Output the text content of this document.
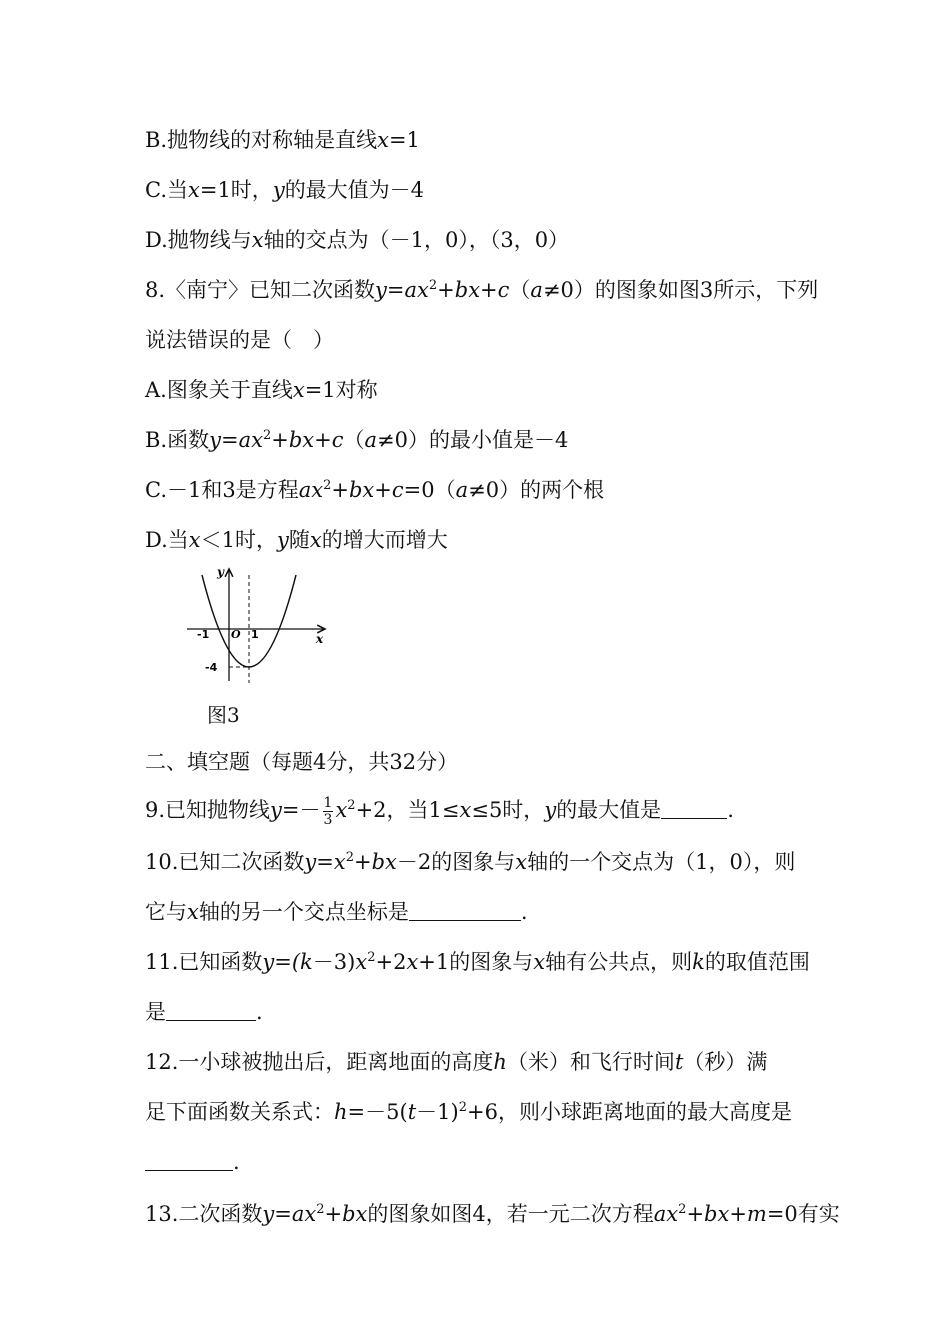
B.抛物线的对称轴是直线x=1
C.当x=1时，y的最大值为－4
D.抛物线与x轴的交点为（－1，0），（3，0）
8.〈南宁〉已知二次函数$y=ax^2+bx+c(a\ne 0)$的图象如图3所示，下列
说法错误的是（　）
A.图象关于直线x=1对称
B.函数$y=ax^2+bx+c(a\ne 0)$的最小值是－4
C.－1和3是方程$ax^2+bx+c=0(a\ne 0)$的两个根
D.当x＜1时，y随x的增大而增大
y
x
O
-1	1
-4
图3
二、填空题（每题4分，共32分）
9.已知抛物线$y=- \frac{1}{3} x^2+2$，当1≤x≤5时，y的最大值是	.
10.已知二次函数$y=x^2+bx-2$的图象与x轴的一个交点为（1，0），则
它与x轴的另一个交点坐标是	.
11.已知函数$y=(k-3)x^2+2x+1$的图象与x轴有公共点，则k的取值范围
是	.
12.一小球被抛出后，距离地面的高度h（米）和飞行时间t（秒）满
足下面函数关系式：$h=-5(t-1)^2+6$，则小球距离地面的最大高度是
.
13.二次函数$y=ax^2+bx$的图象如图4，若一元二次方程$ax^2+bx+m=0$有实
